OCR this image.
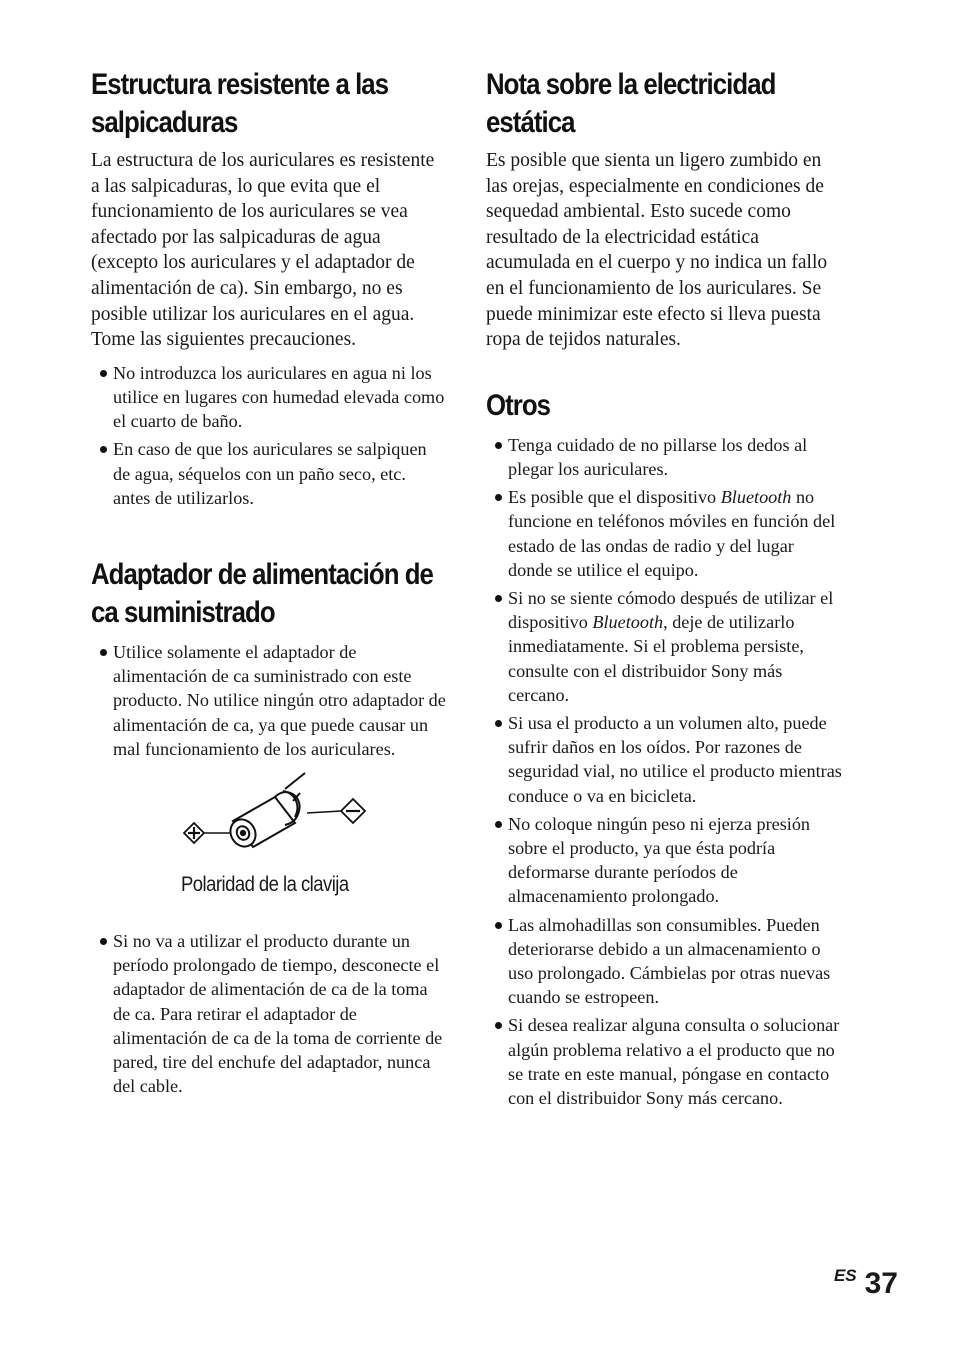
Estructura resistente a las salpicaduras

La estructura de los auriculares es resistente a las salpicaduras, lo que evita que el funcionamiento de los auriculares se vea afectado por las salpicaduras de agua (excepto los auriculares y el adaptador de alimentación de ca). Sin embargo, no es posible utilizar los auriculares en el agua. Tome las siguientes precauciones.

No introduzca los auriculares en agua ni los utilice en lugares con humedad elevada como el cuarto de baño.
En caso de que los auriculares se salpiquen de agua, séquelos con un paño seco, etc. antes de utilizarlos.
Adaptador de alimentación de ca suministrado
Utilice solamente el adaptador de alimentación de ca suministrado con este producto. No utilice ningún otro adaptador de alimentación de ca, ya que puede causar un mal funcionamiento de los auriculares.
Polaridad de la clavija
Si no va a utilizar el producto durante un período prolongado de tiempo, desconecte el adaptador de alimentación de ca de la toma de ca. Para retirar el adaptador de alimentación de ca de la toma de corriente de pared, tire del enchufe del adaptador, nunca del cable.
Nota sobre la electricidad estática

Es posible que sienta un ligero zumbido en las orejas, especialmente en condiciones de sequedad ambiental. Esto sucede como resultado de la electricidad estática acumulada en el cuerpo y no indica un fallo en el funcionamiento de los auriculares. Se puede minimizar este efecto si lleva puesta ropa de tejidos naturales.

Otros
Tenga cuidado de no pillarse los dedos al plegar los auriculares.
Es posible que el dispositivo Bluetooth no funcione en teléfonos móviles en función del estado de las ondas de radio y del lugar donde se utilice el equipo.
Si no se siente cómodo después de utilizar el dispositivo Bluetooth, deje de utilizarlo inmediatamente. Si el problema persiste, consulte con el distribuidor Sony más cercano.
Si usa el producto a un volumen alto, puede sufrir daños en los oídos. Por razones de seguridad vial, no utilice el producto mientras conduce o va en bicicleta.
No coloque ningún peso ni ejerza presión sobre el producto, ya que ésta podría deformarse durante períodos de almacenamiento prolongado.
Las almohadillas son consumibles. Pueden deteriorarse debido a un almacenamiento o uso prolongado. Cámbielas por otras nuevas cuando se estropeen.
Si desea realizar alguna consulta o solucionar algún problema relativo a el producto que no se trate en este manual, póngase en contacto con el distribuidor Sony más cercano.
ES 37
